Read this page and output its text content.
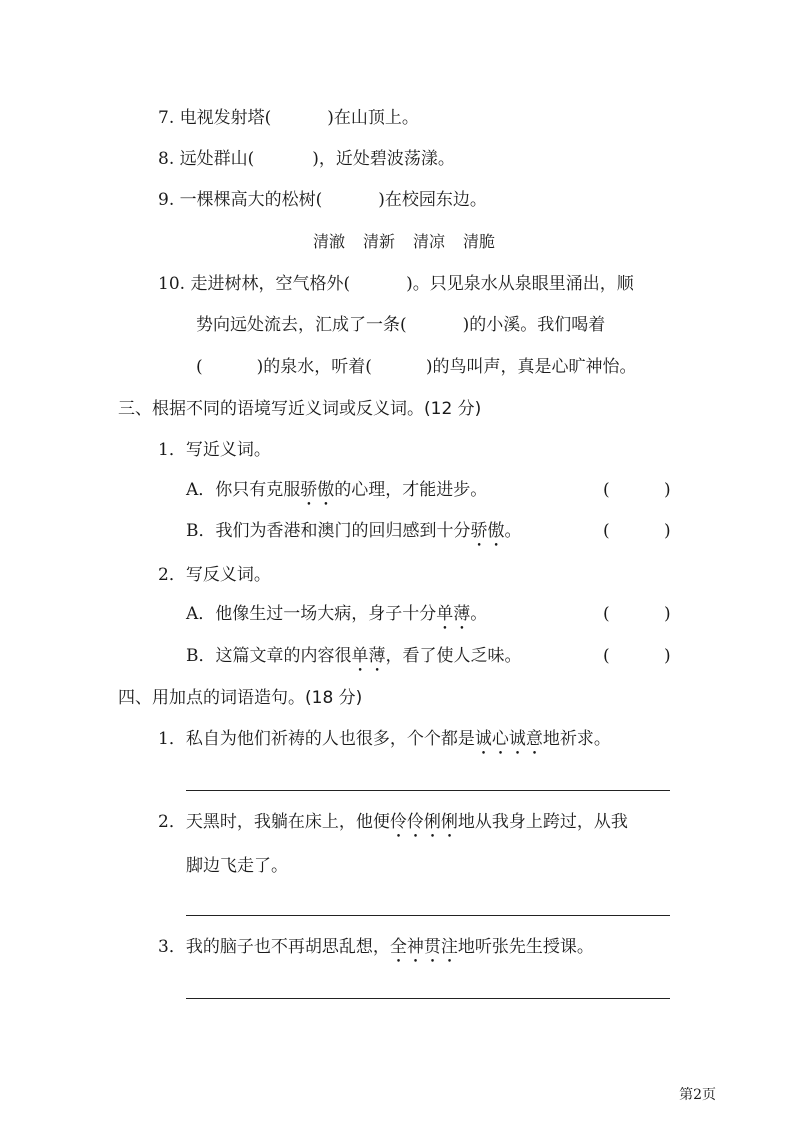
7. 电视发射塔(	)在山顶上。
8. 远处群山(	)，近处碧波荡漾。
9. 一棵棵高大的松树(	)在校园东边。
清澈 清新 清凉 清脆
10. 走进树林，空气格外(	)。只见泉水从泉眼里涌出，顺
势向远处流去，汇成了一条(	)的小溪。我们喝着
(	)的泉水，听着(	)的鸟叫声，真是心旷神怡。
三、根据不同的语境写近义词或反义词。(12 分)
1．写近义词。
A．你只有克服骄傲的心理，才能进步。	(	)
B．我们为香港和澳门的回归感到十分骄傲。	(	)
2．写反义词。
A．他像生过一场大病，身子十分单薄。	(	)
B．这篇文章的内容很单薄，看了使人乏味。	(	)
四、用加点的词语造句。(18 分)
1．私自为他们祈祷的人也很多，个个都是诚心诚意地祈求。
2．天黑时，我躺在床上，他便伶伶俐俐地从我身上跨过，从我
脚边飞走了。
3．我的脑子也不再胡思乱想，全神贯注地听张先生授课。
第2页
